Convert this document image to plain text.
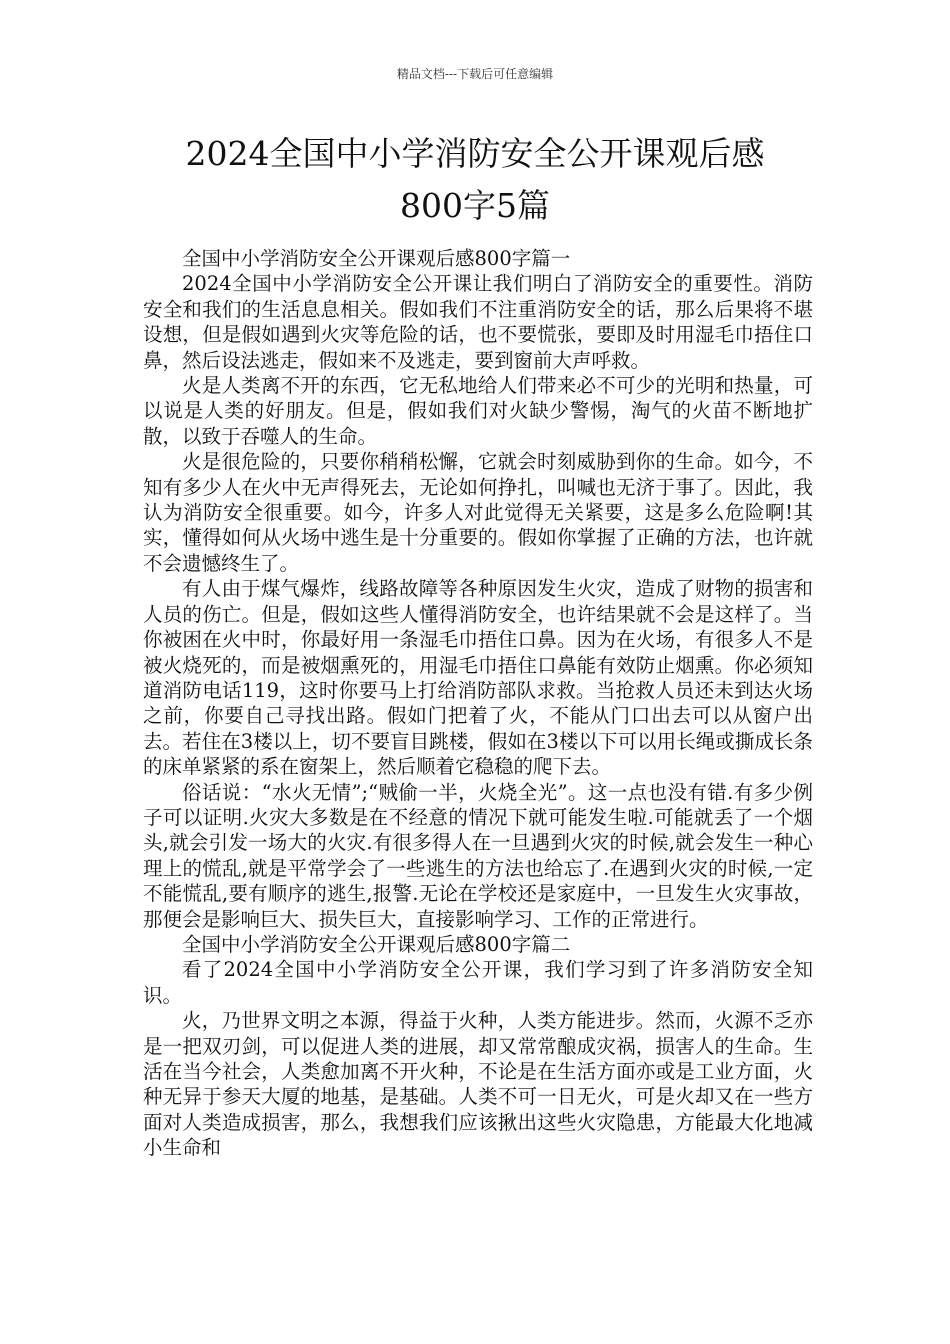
精品文档---下载后可任意编辑
2024全国中小学消防安全公开课观后感
800字5篇

全国中小学消防安全公开课观后感800字篇一

2024全国中小学消防安全公开课让我们明白了消防安全的重要性。消防安全和我们的生活息息相关。假如我们不注重消防安全的话，那么后果将不堪设想，但是假如遇到火灾等危险的话，也不要慌张，要即及时用湿毛巾捂住口鼻，然后设法逃走，假如来不及逃走，要到窗前大声呼救。

火是人类离不开的东西，它无私地给人们带来必不可少的光明和热量，可以说是人类的好朋友。但是，假如我们对火缺少警惕，淘气的火苗不断地扩散，以致于吞噬人的生命。

火是很危险的，只要你稍稍松懈，它就会时刻威胁到你的生命。如今，不知有多少人在火中无声得死去，无论如何挣扎，叫喊也无济于事了。因此，我认为消防安全很重要。如今，许多人对此觉得无关紧要，这是多么危险啊!其实，懂得如何从火场中逃生是十分重要的。假如你掌握了正确的方法，也许就不会遗憾终生了。

有人由于煤气爆炸，线路故障等各种原因发生火灾，造成了财物的损害和人员的伤亡。但是，假如这些人懂得消防安全，也许结果就不会是这样了。当你被困在火中时，你最好用一条湿毛巾捂住口鼻。因为在火场，有很多人不是被火烧死的，而是被烟熏死的，用湿毛巾捂住口鼻能有效防止烟熏。你必须知道消防电话119，这时你要马上打给消防部队求救。当抢救人员还未到达火场之前，你要自己寻找出路。假如门把着了火，不能从门口出去可以从窗户出去。若住在3楼以上，切不要盲目跳楼，假如在3楼以下可以用长绳或撕成长条的床单紧紧的系在窗架上，然后顺着它稳稳的爬下去。

俗话说：“水火无情”;“贼偷一半，火烧全光”。这一点也没有错.有多少例子可以证明.火灾大多数是在不经意的情况下就可能发生啦.可能就丢了一个烟头,就会引发一场大的火灾.有很多得人在一旦遇到火灾的时候,就会发生一种心理上的慌乱,就是平常学会了一些逃生的方法也给忘了.在遇到火灾的时候,一定不能慌乱,要有顺序的逃生,报警.无论在学校还是家庭中，一旦发生火灾事故，那便会是影响巨大、损失巨大，直接影响学习、工作的正常进行。

全国中小学消防安全公开课观后感800字篇二

看了2024全国中小学消防安全公开课，我们学习到了许多消防安全知识。

火，乃世界文明之本源，得益于火种，人类方能进步。然而，火源不乏亦是一把双刃剑，可以促进人类的进展，却又常常酿成灾祸，损害人的生命。生活在当今社会，人类愈加离不开火种，不论是在生活方面亦或是工业方面，火种无异于参天大厦的地基，是基础。人类不可一日无火，可是火却又在一些方面对人类造成损害，那么，我想我们应该揪出这些火灾隐患，方能最大化地减小生命和
